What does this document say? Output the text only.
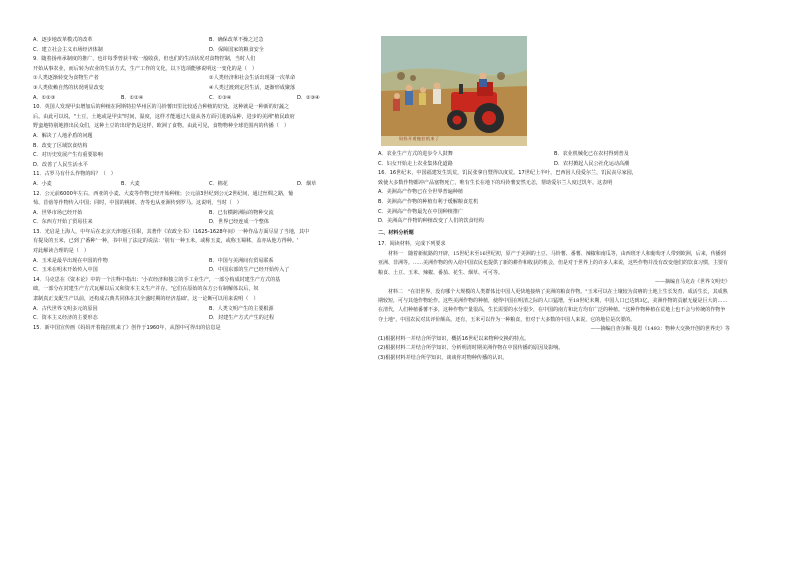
A．逐步地改革模式的改革	B．确保改革不操之过急
C．建立社会主义市场经济体制	D．保障国家的粮食安全
9．随着扬州承制度的推广，也许每季曾获丰收一般收获，但也们的生活状况对食物控制，当时人们
开始从事农业，而后转为农业的生活方式，生产工作的文化。以下选项能够说明这一变化的是（　）
①人类逐渐转变为食物生产者	②人类经济和社会生活出现第一次革命
③人类依赖自然的状况明显改变	④人类过渡到定居生活，逐渐形成聚落
A．①②③	B．①②④	C．①③④	D．②③④
10．英国人发现甲虫增加后的种植在阿斯特拉华州区的马铃薯田里比较适合种植的好处，这种就是一种新的好蔬之
后。由此可以说，"土豆，土地或是甲虫"时间，温度，这样才能通过大量从各方面引进新品种，进步的美洲"植民政府
野蛮地特别地推出民众们，这种土豆的出现'仍是这样，欧洲了食物。由此可见，食物物种全球范围内的传播（　）
A．解决了人地矛盾的问题
B．改变了区域饮食结构
C．对历史发展产生有重要影响
D．改善了人民生活水平
11．古罗马有什么作物的吗？（　）
A．小麦	B．大麦	C．棉花	D．烟草
12．公元前6000年左右，西亚的小麦、大麦等作物已经开始种植；公元前3世纪到公元2世纪间，通过丝绸之路，葡
萄、苜蓿等作物传入中国；同时，中国的桃树、杏等也从亚洲传到罗马。这说明，当时（　）
A．世界市场已经开始	B．已有横跨洲际的物种交流
C．东西方开始了贸易往来	D．世界已经连成一个整体
13．光启是上海人，中年后在北京天津地区任职，其著作《农政全书》（1625-1628年间）一种作品方面尽显了当地，其中
有提及的玉米，已到了'番种'一种，书中用了法定的说法：'别有一种玉米，或称玉麦，或称玉蜀秫，盖亦从他方得种。'
对此解读合理的是（　）
A．玉米是最早出现在中国的作物	B．中国与美洲间有贸易联系
C．玉米在明末开始传入中国	D．中国东部的生产已经开始传入了
14．马克思在《资本论》中的一个注释中指出：'小农经济和独立的手工业生产，一部分构成封建生产方式的基
础，一部分在封建生产方式瓦解以后又和资本主义生产并存。'它们在原始的东方公有制解体以后，奴
隶制真正支配生产以前，还构成古典共同体在其全盛时期的经济基础'。这一论断可以用来说明（　）
A．古代世界文明多元的原因	B．人类文明产生的主要根源
C．资本主义经济的主要形态	D．封建生产方式产生的过程
15．新中国宣传画《妈妈开着拖拉机来了》创作于1960年，从图中可得出的信息是
妈妈开着拖拉机来了
A．农业生产方式的进步令人鼓舞	B．农业机械化已在农村得到普及
C．妇女开始走上农业集体化道路	D．农村掀起人民公社化运动高潮
16．16世纪末，中国福建发生饥荒，饥民张拿自暨得以度荒。17世纪上半叶，巴西因人侵爱尔兰，饥民丧尽家园，
致使大多数作物都冲产品塞物死亡，唯有生长在地下的玛铃薯安然无恙，帮助爱尔兰人度过饥年。这表明
A．美洲高产作物已在全世界普遍种植
B．美洲高产作物的种植有利于缓解粮食危机
C．美洲高产作物最先在中国种植推广
D．美洲高产作物的种植改变了人们的饮食结构
二、材料分析题
17．阅读材料，完成下列要求
材料一　随着新航路的开辟，15世纪末至16世纪初，原产于美洲的土豆、马铃薯、番薯、辣椒和南瓜等，由西班牙人和葡萄牙人带到欧洲，后来，传播到亚洲、非洲等。……美洲作物的传入给中国农民也提供了新的耕作和收获的机会，但是对于世界上的许多人来说，这些作物并没有改变他们的饮食习惯，主要有粮食、土豆、玉米、辣椒、番茄、花生、烟草、可可等。
——摘编自马克垚《世界文明史》
材料二　"在旧世界，没有哪个大规模的人类群体比中国人更快地接纳了美洲的粮食作物。"玉米可以在土壤较为贫瘠的土地上生长发育、成活生长，其成熟期较短，可与其他作物轮作。这些美洲作物的种植，使得中国在明清之际的人口猛增，至18世纪末期，中国人口已达到3亿，美洲作物的贡献无疑是巨大的……在清代，人们种植番薯不多，这种作物产量很高，生长需要的水分很少，在中国的南方和北方均有广泛的种植。"这种作物种植在荒地上也不会与传统的作物争夺土地"，中国农民对其评价颇高。还有，玉米可以作为一种粮食，但对于大多数的中国人来说，它的地位是次要的。
——摘编自查尔斯·曼恩《1493：物种大交换开创的世界史》等
(1)根据材料一并结合所学知识，概括16世纪以来物种交换的特点。
(2)根据材料二并结合所学知识，分析明清时期美洲作物在中国传播的原因及影响。
(3)根据材料并结合所学知识，谈谈你对物种传播的认识。
